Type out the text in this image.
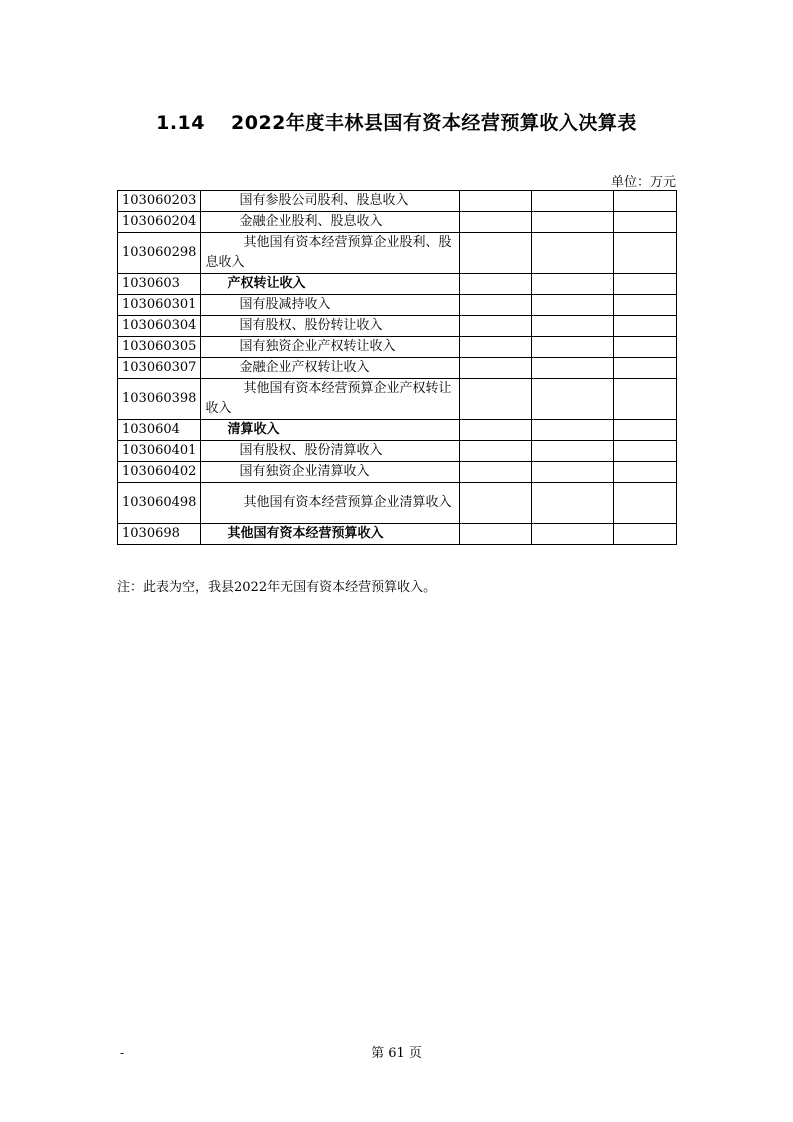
1.14 2022年度丰林县国有资本经营预算收入决算表
单位：万元
103060203	国有参股公司股利、股息收入			
103060204	金融企业股利、股息收入			
103060298	其他国有资本经营预算企业股利、股息收入			
1030603	产权转让收入			
103060301	国有股减持收入			
103060304	国有股权、股份转让收入			
103060305	国有独资企业产权转让收入			
103060307	金融企业产权转让收入			
103060398	其他国有资本经营预算企业产权转让收入			
1030604	清算收入			
103060401	国有股权、股份清算收入			
103060402	国有独资企业清算收入			
103060498	其他国有资本经营预算企业清算收入			
1030698	其他国有资本经营预算收入			
注：此表为空，我县2022年无国有资本经营预算收入。
-	第 61 页
